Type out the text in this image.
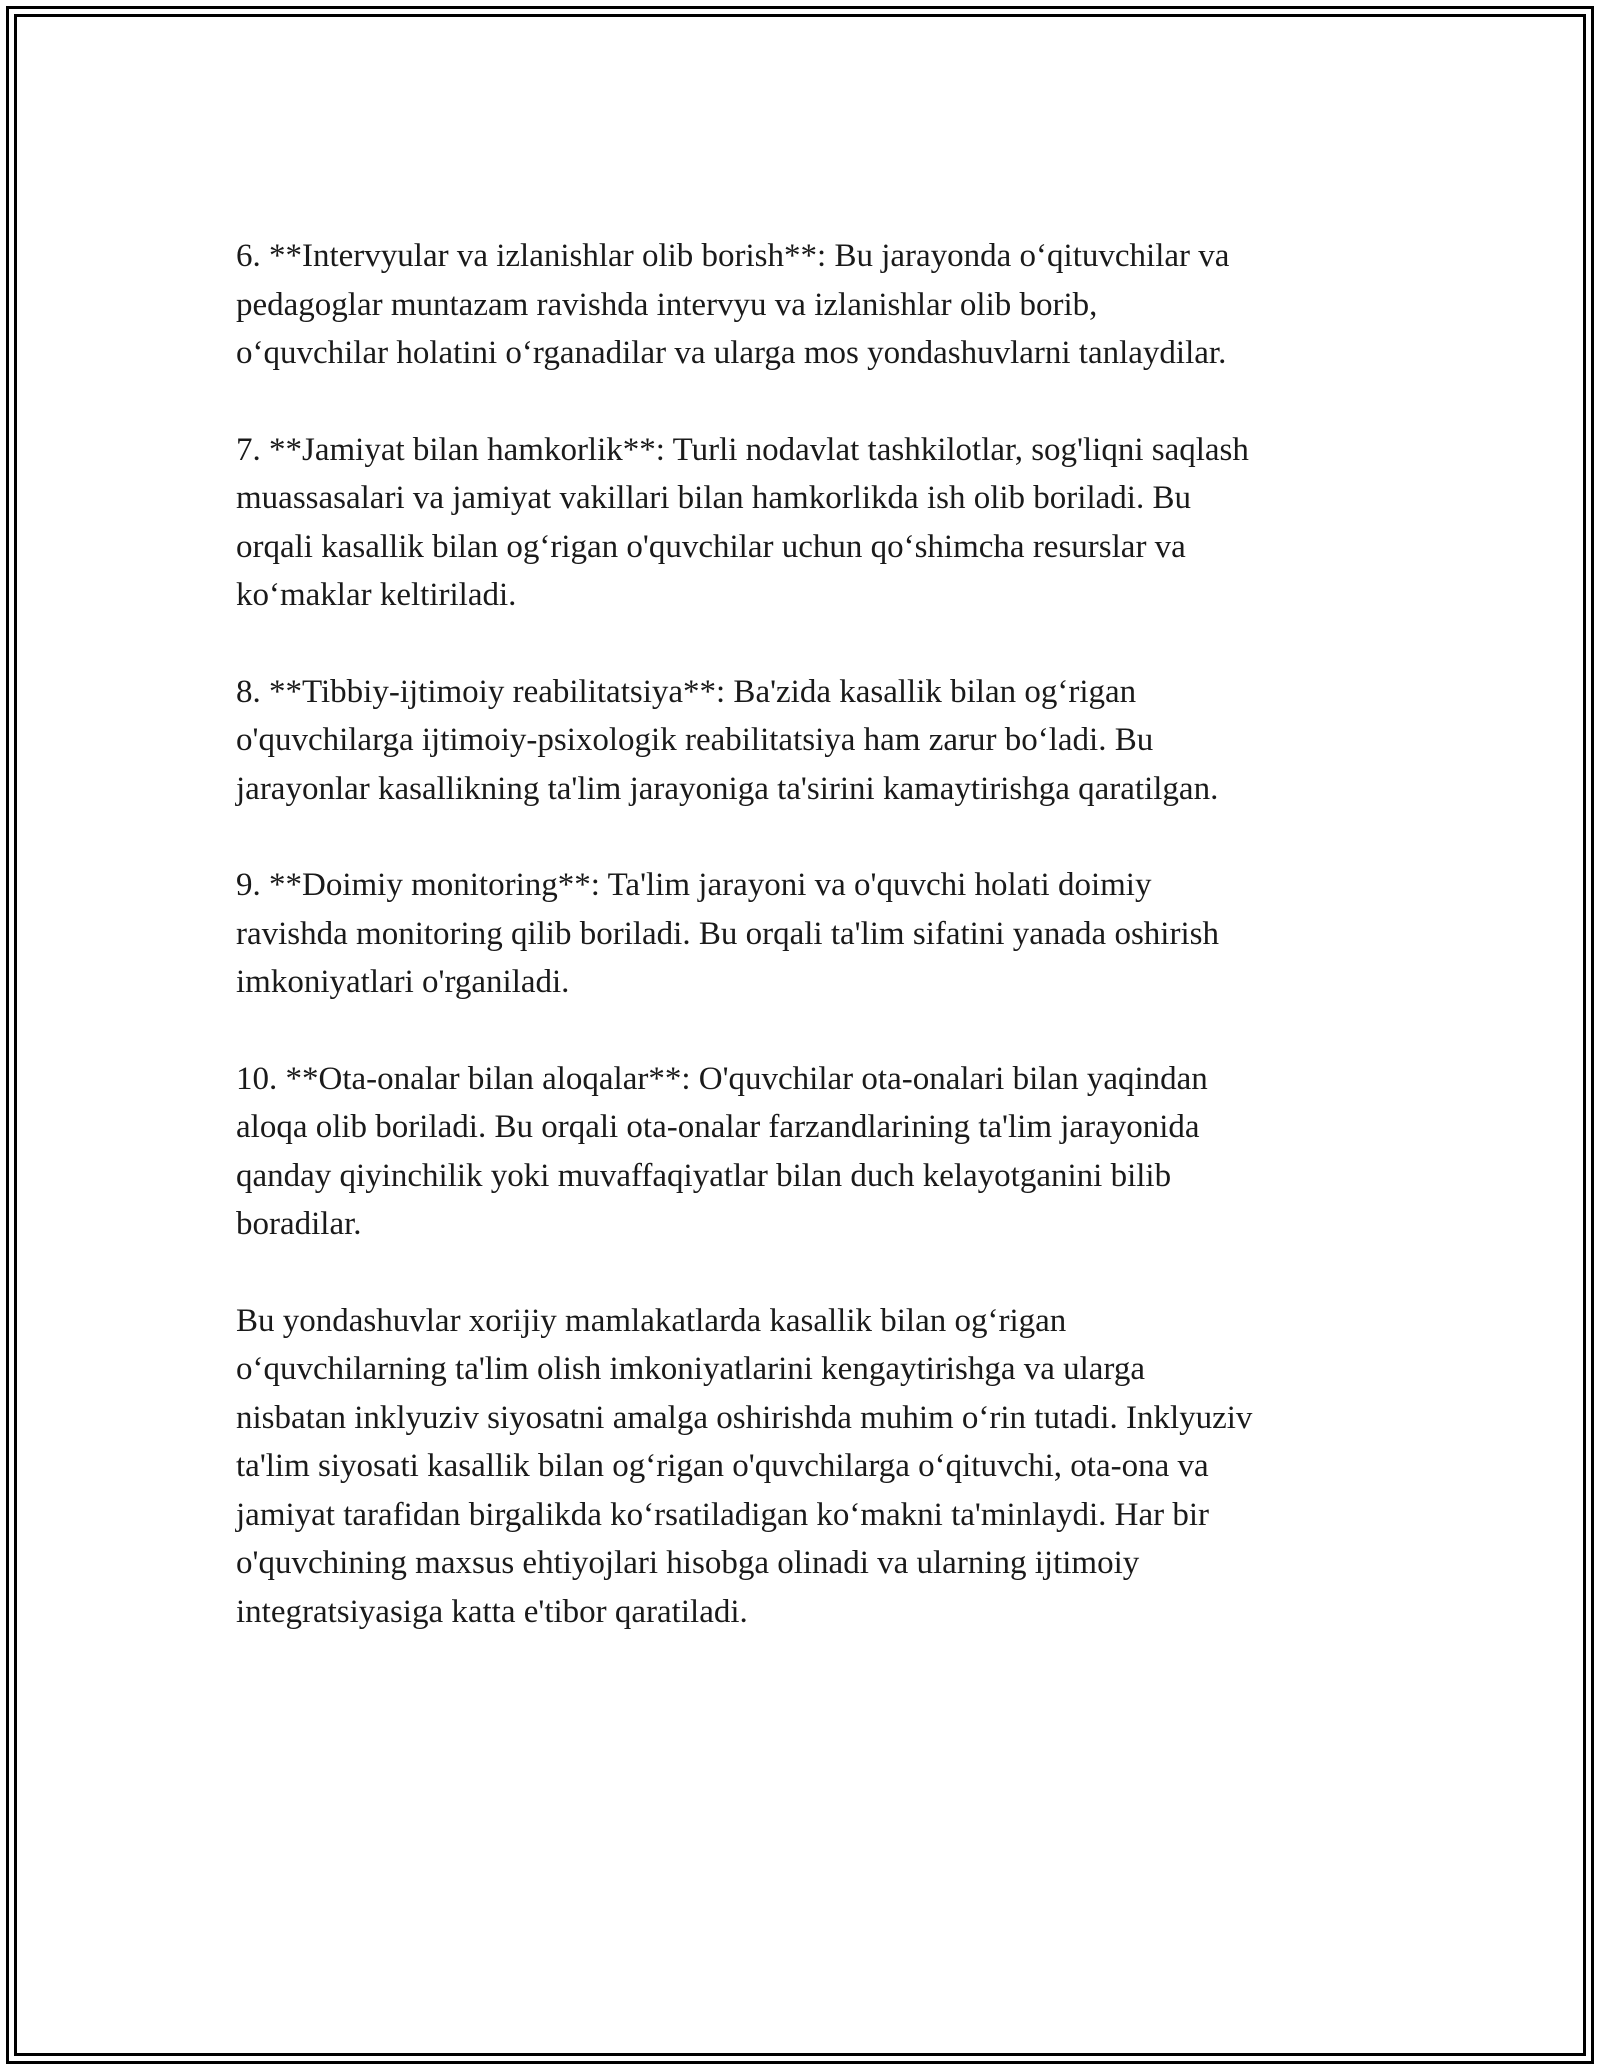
6. **Intervyular va izlanishlar olib borish**: Bu jarayonda o‘qituvchilar va
pedagoglar muntazam ravishda intervyu va izlanishlar olib borib,
o‘quvchilar holatini o‘rganadilar va ularga mos yondashuvlarni tanlaydilar.

7. **Jamiyat bilan hamkorlik**: Turli nodavlat tashkilotlar, sog'liqni saqlash
muassasalari va jamiyat vakillari bilan hamkorlikda ish olib boriladi. Bu
orqali kasallik bilan og‘rigan o'quvchilar uchun qo‘shimcha resurslar va
ko‘maklar keltiriladi.

8. **Tibbiy-ijtimoiy reabilitatsiya**: Ba'zida kasallik bilan og‘rigan
o'quvchilarga ijtimoiy-psixologik reabilitatsiya ham zarur bo‘ladi. Bu
jarayonlar kasallikning ta'lim jarayoniga ta'sirini kamaytirishga qaratilgan.

9. **Doimiy monitoring**: Ta'lim jarayoni va o'quvchi holati doimiy
ravishda monitoring qilib boriladi. Bu orqali ta'lim sifatini yanada oshirish
imkoniyatlari o'rganiladi.

10. **Ota-onalar bilan aloqalar**: O'quvchilar ota-onalari bilan yaqindan
aloqa olib boriladi. Bu orqali ota-onalar farzandlarining ta'lim jarayonida
qanday qiyinchilik yoki muvaffaqiyatlar bilan duch kelayotganini bilib
boradilar.

Bu yondashuvlar xorijiy mamlakatlarda kasallik bilan og‘rigan
o‘quvchilarning ta'lim olish imkoniyatlarini kengaytirishga va ularga
nisbatan inklyuziv siyosatni amalga oshirishda muhim o‘rin tutadi. Inklyuziv
ta'lim siyosati kasallik bilan og‘rigan o'quvchilarga o‘qituvchi, ota-ona va
jamiyat tarafidan birgalikda ko‘rsatiladigan ko‘makni ta'minlaydi. Har bir
o'quvchining maxsus ehtiyojlari hisobga olinadi va ularning ijtimoiy
integratsiyasiga katta e'tibor qaratiladi.
